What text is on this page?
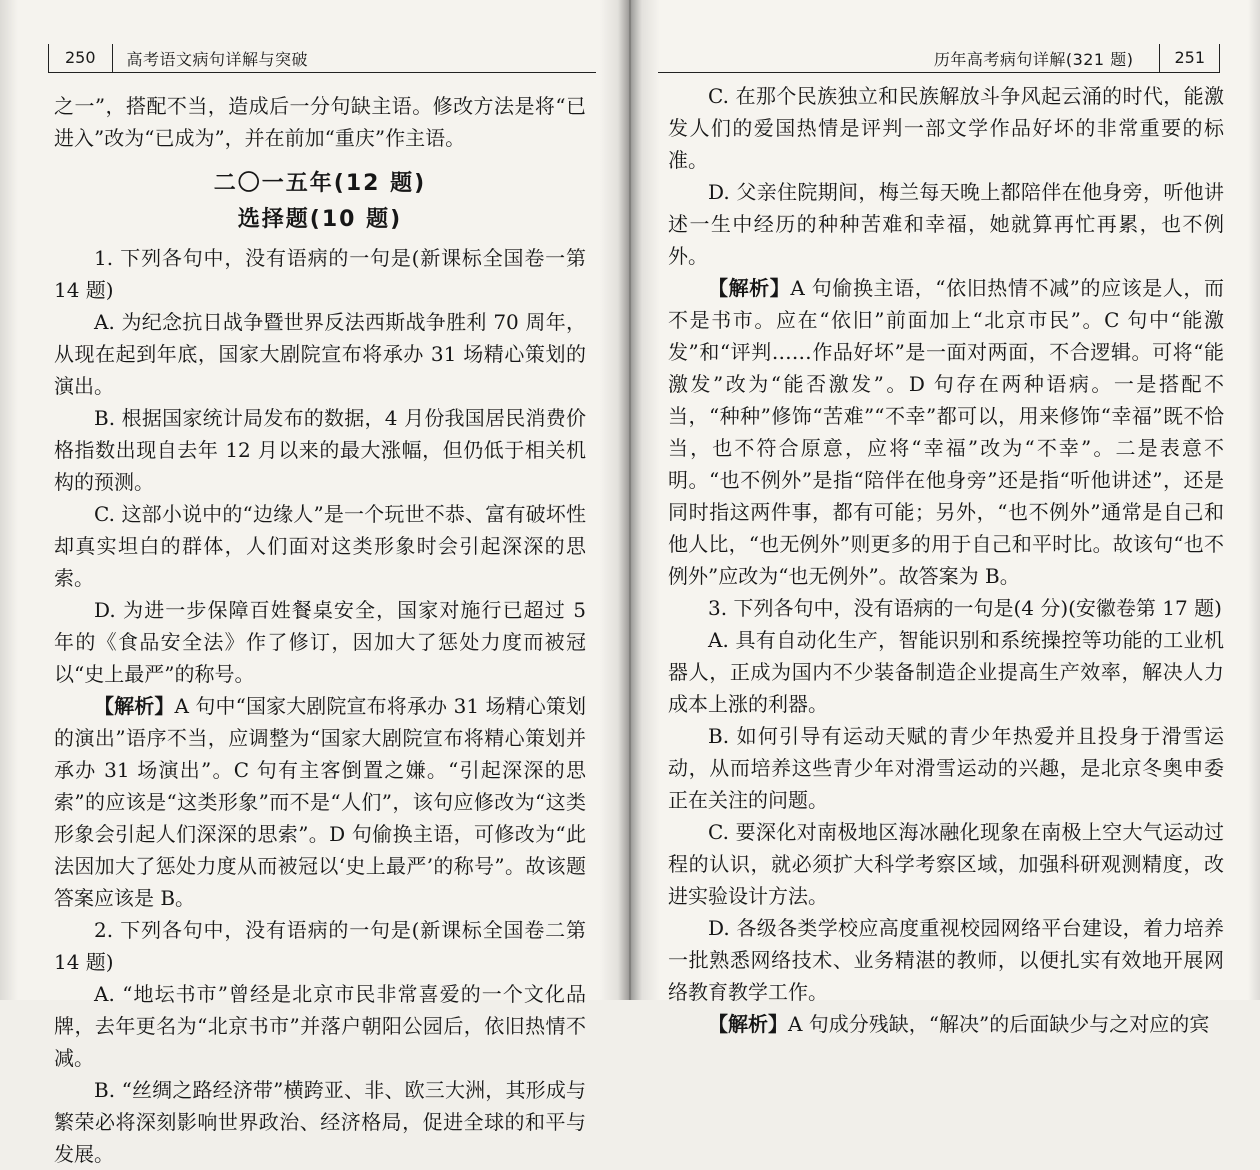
250	高考语文病句详解与突破

之一”，搭配不当，造成后一分句缺主语。修改方法是将“已进入”改为“已成为”，并在前加“重庆”作主语。

二〇一五年(12 题)
选择题(10 题)

1. 下列各句中，没有语病的一句是(新课标全国卷一第14 题)

A. 为纪念抗日战争暨世界反法西斯战争胜利 70 周年，从现在起到年底，国家大剧院宣布将承办 31 场精心策划的演出。

B. 根据国家统计局发布的数据，4 月份我国居民消费价格指数出现自去年 12 月以来的最大涨幅，但仍低于相关机构的预测。

C. 这部小说中的“边缘人”是一个玩世不恭、富有破坏性却真实坦白的群体，人们面对这类形象时会引起深深的思索。

D. 为进一步保障百姓餐桌安全，国家对施行已超过 5 年的《食品安全法》作了修订，因加大了惩处力度而被冠以“史上最严”的称号。

【解析】A 句中“国家大剧院宣布将承办 31 场精心策划的演出”语序不当，应调整为“国家大剧院宣布将精心策划并承办 31 场演出”。C 句有主客倒置之嫌。“引起深深的思索”的应该是“这类形象”而不是“人们”，该句应修改为“这类形象会引起人们深深的思索”。D 句偷换主语，可修改为“此法因加大了惩处力度从而被冠以‘史上最严’的称号”。故该题答案应该是 B。

2. 下列各句中，没有语病的一句是(新课标全国卷二第14 题)

A. “地坛书市”曾经是北京市民非常喜爱的一个文化品牌，去年更名为“北京书市”并落户朝阳公园后，依旧热情不减。

B. “丝绸之路经济带”横跨亚、非、欧三大洲，其形成与繁荣必将深刻影响世界政治、经济格局，促进全球的和平与发展。

历年高考病句详解(321 题)	251

C. 在那个民族独立和民族解放斗争风起云涌的时代，能激发人们的爱国热情是评判一部文学作品好坏的非常重要的标准。

D. 父亲住院期间，梅兰每天晚上都陪伴在他身旁，听他讲述一生中经历的种种苦难和幸福，她就算再忙再累，也不例外。

【解析】A 句偷换主语，“依旧热情不减”的应该是人，而不是书市。应在“依旧”前面加上“北京市民”。C 句中“能激发”和“评判……作品好坏”是一面对两面，不合逻辑。可将“能激发”改为“能否激发”。D 句存在两种语病。一是搭配不当，“种种”修饰“苦难”“不幸”都可以，用来修饰“幸福”既不恰当，也不符合原意，应将“幸福”改为“不幸”。二是表意不明。“也不例外”是指“陪伴在他身旁”还是指“听他讲述”，还是同时指这两件事，都有可能；另外，“也不例外”通常是自己和他人比，“也无例外”则更多的用于自己和平时比。故该句“也不例外”应改为“也无例外”。故答案为 B。

3. 下列各句中，没有语病的一句是(4 分)(安徽卷第 17 题)

A. 具有自动化生产，智能识别和系统操控等功能的工业机器人，正成为国内不少装备制造企业提高生产效率，解决人力成本上涨的利器。

B. 如何引导有运动天赋的青少年热爱并且投身于滑雪运动，从而培养这些青少年对滑雪运动的兴趣，是北京冬奥申委正在关注的问题。

C. 要深化对南极地区海冰融化现象在南极上空大气运动过程的认识，就必须扩大科学考察区域，加强科研观测精度，改进实验设计方法。

D. 各级各类学校应高度重视校园网络平台建设，着力培养一批熟悉网络技术、业务精湛的教师，以便扎实有效地开展网络教育教学工作。

【解析】A 句成分残缺，“解决”的后面缺少与之对应的宾
